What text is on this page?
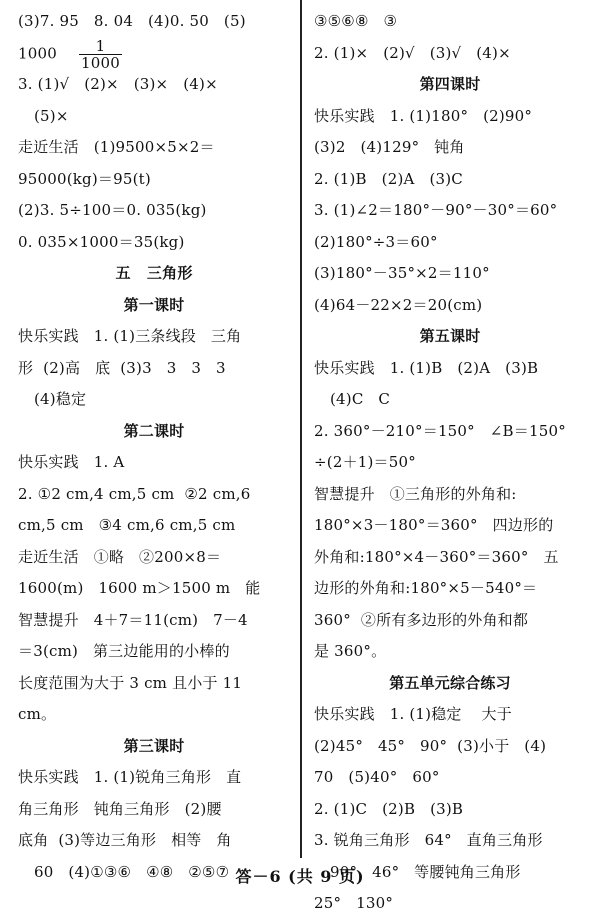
(3)7. 95   8. 04   (4)0. 50   (5)
$1000 \frac{1}{1000}$
3. (1)√   (2)×   (3)×   (4)×
(5)×
走近生活   (1)9500×5×2＝
95000(kg)＝95(t)
(2)3. 5÷100＝0. 035(kg)
0. 035×1000＝35(kg)
五   三角形
第一课时
快乐实践   1. (1)三条线段   三角
形  (2)高   底  (3)3   3   3   3
(4)稳定
第二课时
快乐实践   1. A
2. ①2 cm,4 cm,5 cm  ②2 cm,6
cm,5 cm   ③4 cm,6 cm,5 cm
走近生活   ①略   ②200×8＝
1600(m)   1600 m＞1500 m   能
智慧提升   4＋7＝11(cm)   7－4
＝3(cm)   第三边能用的小棒的
长度范围为大于 3 cm 且小于 11
cm。
第三课时
快乐实践   1. (1)锐角三角形   直
角三角形   钝角三角形   (2)腰
底角  (3)等边三角形   相等   角
60   (4)①③⑥   ④⑧   ②⑤⑦
③⑤⑥⑧   ③
2. (1)×   (2)√   (3)√   (4)×
第四课时
快乐实践   1. (1)180°   (2)90°
(3)2   (4)129°   钝角
2. (1)B   (2)A   (3)C
3. (1)∠2＝180°－90°－30°＝60°
(2)180°÷3＝60°
(3)180°－35°×2＝110°
(4)64－22×2＝20(cm)
第五课时
快乐实践   1. (1)B   (2)A   (3)B
(4)C   C
2. 360°－210°＝150°   ∠B＝150°
÷(2＋1)＝50°
智慧提升   ①三角形的外角和:
180°×3－180°＝360°   四边形的
外角和:180°×4－360°＝360°   五
边形的外角和:180°×5－540°＝
360°  ②所有多边形的外角和都
是 360°。
第五单元综合练习
快乐实践   1. (1)稳定    大于
(2)45°   45°   90°  (3)小于   (4)
70   (5)40°   60°
2. (1)C   (2)B   (3)B
3. 锐角三角形   64°   直角三角形
90°   46°   等腰钝角三角形
25°   130°
答－6 (共 9 页)
